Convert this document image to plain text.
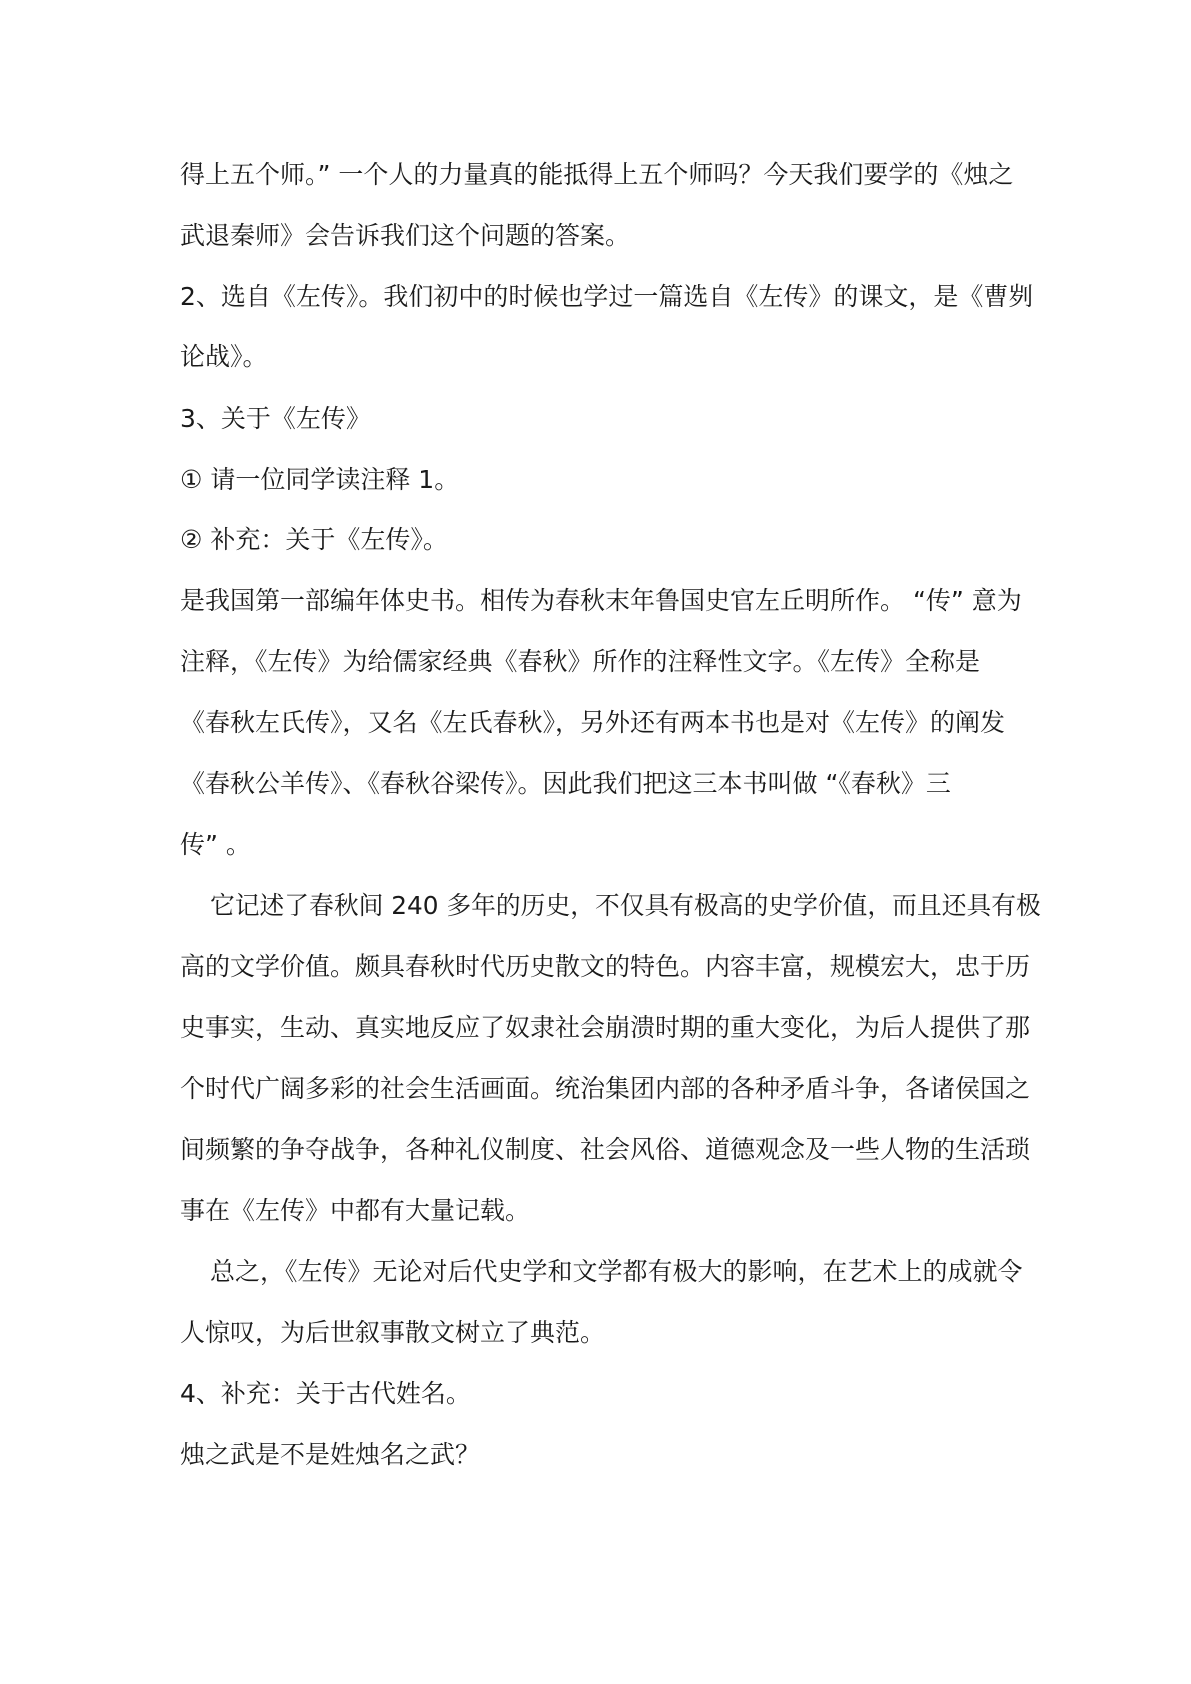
得上五个师。” 一个人的力量真的能抵得上五个师吗？今天我们要学的《烛之
武退秦师》会告诉我们这个问题的答案。
2、选自《左传》。我们初中的时候也学过一篇选自《左传》的课文，是《曹刿
论战》。
3、关于《左传》
① 请一位同学读注释 1。
② 补充：关于《左传》。
是我国第一部编年体史书。相传为春秋末年鲁国史官左丘明所作。 “传” 意为
注释，《左传》为给儒家经典《春秋》所作的注释性文字。《左传》全称是
《春秋左氏传》，又名《左氏春秋》，另外还有两本书也是对《左传》的阐发
《春秋公羊传》、《春秋谷梁传》。因此我们把这三本书叫做 “《春秋》三
传” 。
它记述了春秋间 240 多年的历史，不仅具有极高的史学价值，而且还具有极
高的文学价值。颇具春秋时代历史散文的特色。内容丰富，规模宏大，忠于历
史事实，生动、真实地反应了奴隶社会崩溃时期的重大变化，为后人提供了那
个时代广阔多彩的社会生活画面。统治集团内部的各种矛盾斗争，各诸侯国之
间频繁的争夺战争，各种礼仪制度、社会风俗、道德观念及一些人物的生活琐
事在《左传》中都有大量记载。
总之，《左传》无论对后代史学和文学都有极大的影响，在艺术上的成就令
人惊叹，为后世叙事散文树立了典范。
4、补充：关于古代姓名。
烛之武是不是姓烛名之武？
